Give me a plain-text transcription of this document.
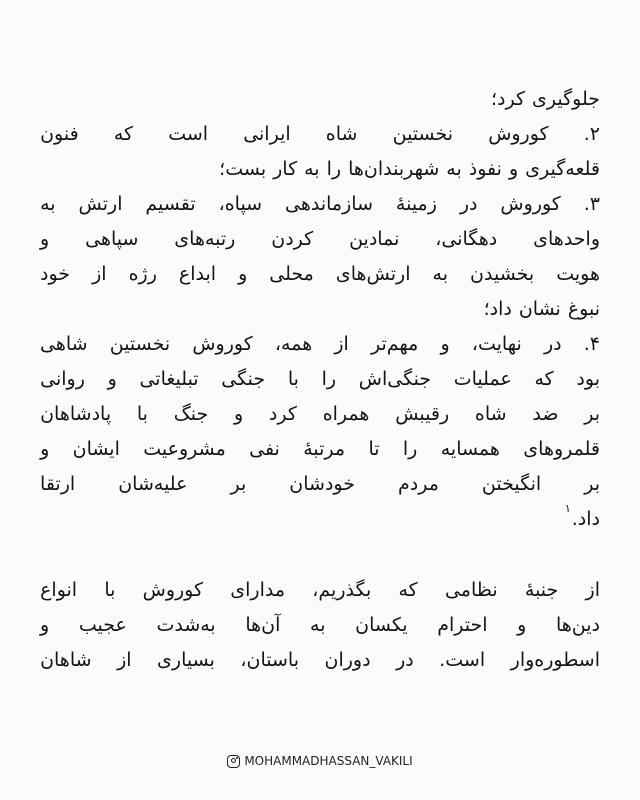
جلوگیری
کرد؛
۲.
کوروش
نخستین
شاه
ایرانی
است
که
فنون
قلعه‌گیری
و
نفوذ
به
شهربندان‌ها
را
به
کار
بست؛
۳.
کوروش
در
زمینهٔ
سازماندهی
سپاه،
تقسیم
ارتش
به
واحدهای
دهگانی،
نمادین
کردن
رتبه‌های
سپاهی
و
هویت
بخشیدن
به
ارتش‌های
محلی
و
ابداع
رژه
از
خود
نبوغ
نشان
داد؛
۴.
در
نهایت،
و
مهم‌تر
از
همه،
کوروش
نخستین
شاهی
بود
که
عملیات
جنگی‌اش
را
با
جنگی
تبلیغاتی
و
روانی
بر
ضد
شاه
رقیبش
همراه
کرد
و
جنگ
با
پادشاهان
قلمروهای
همسایه
را
تا
مرتبهٔ
نفی
مشروعیت
ایشان
و
بر
انگیختن
مردم
خودشان
بر
علیه‌شان
ارتقا
داد.
۱
از
جنبهٔ
نظامی
که
بگذریم،
مدارای
کوروش
با
انواع
دین‌ها
و
احترام
یکسان
به
آن‌ها
به‌شدت
عجیب
و
اسطوره‌وار
است.
در
دوران
باستان،
بسیاری
از
شاهان
MOHAMMADHASSAN_VAKILI
